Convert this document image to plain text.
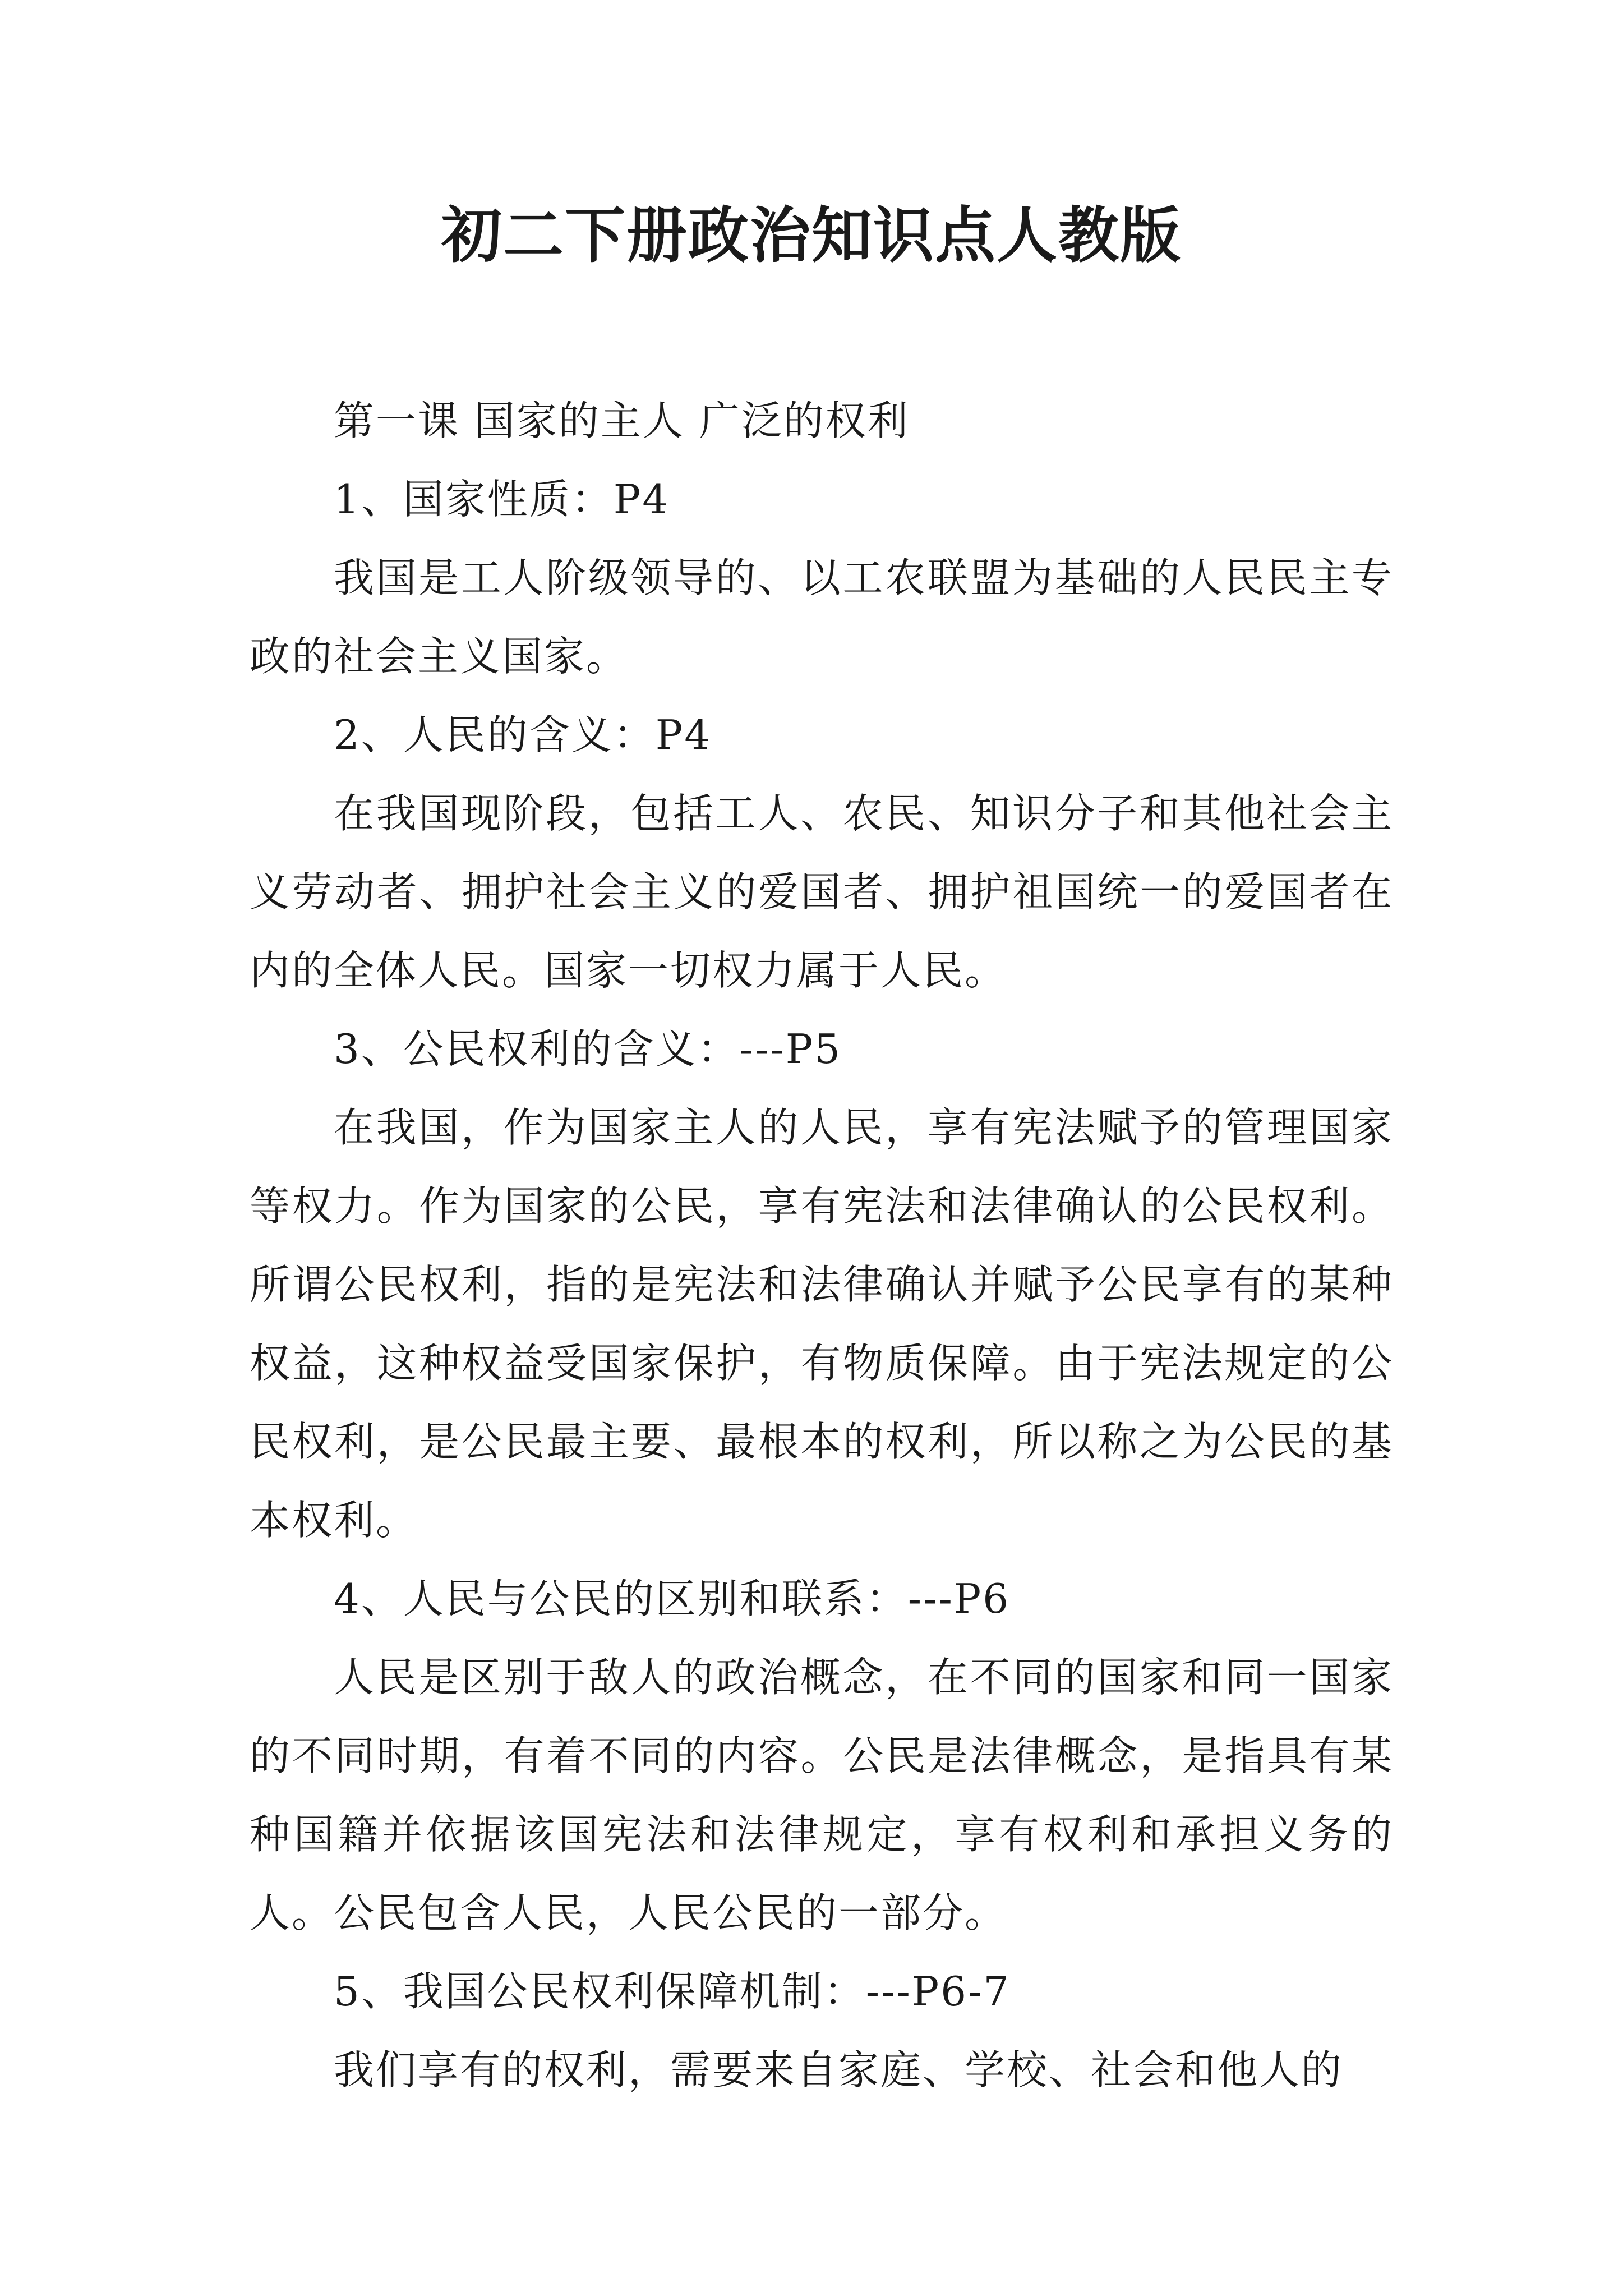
初二下册政治知识点人教版

第一课 国家的主人 广泛的权利

1、国家性质：P4

我国是工人阶级领导的、以工农联盟为基础的人民民主专政的社会主义国家。

2、人民的含义：P4

在我国现阶段，包括工人、农民、知识分子和其他社会主义劳动者、拥护社会主义的爱国者、拥护祖国统一的爱国者在内的全体人民。国家一切权力属于人民。

3、公民权利的含义：---P5

在我国，作为国家主人的人民，享有宪法赋予的管理国家等权力。作为国家的公民，享有宪法和法律确认的公民权利。所谓公民权利，指的是宪法和法律确认并赋予公民享有的某种权益，这种权益受国家保护，有物质保障。由于宪法规定的公民权利，是公民最主要、最根本的权利，所以称之为公民的基本权利。

4、人民与公民的区别和联系：---P6

人民是区别于敌人的政治概念，在不同的国家和同一国家的不同时期，有着不同的内容。公民是法律概念，是指具有某种国籍并依据该国宪法和法律规定，享有权利和承担义务的人。公民包含人民，人民公民的一部分。

5、我国公民权利保障机制：---P6-7

我们享有的权利，需要来自家庭、学校、社会和他人的
